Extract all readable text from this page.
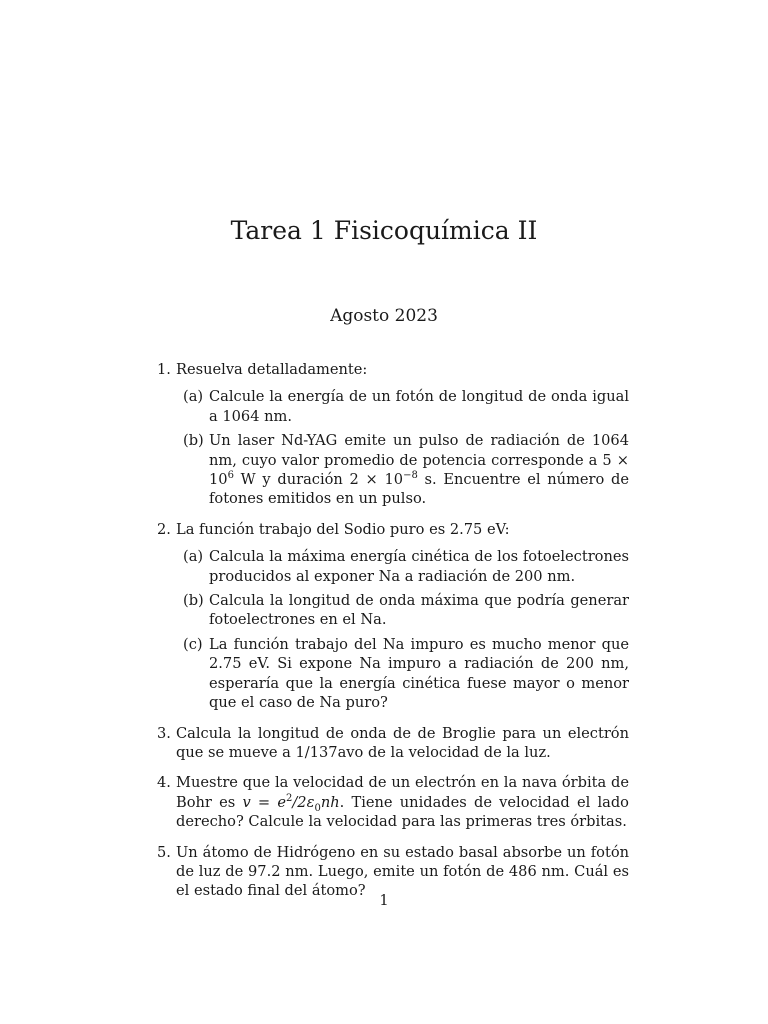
Tarea 1 Fisicoquímica II
Agosto 2023
1. Resuelva detalladamente:
(a) Calcule la energía de un fotón de longitud de onda igual a 1064 nm.
(b) Un laser Nd-YAG emite un pulso de radiación de 1064 nm, cuyo valor promedio de potencia corresponde a $5 \times 10^6$ W y duración $2 \times 10^{-8}$ s. Encuentre el número de fotones emitidos en un pulso.
2. La función trabajo del Sodio puro es 2.75 eV:
(a) Calcula la máxima energía cinética de los fotoelectrones producidos al exponer Na a radiación de 200 nm.
(b) Calcula la longitud de onda máxima que podría generar fotoelectrones en el Na.
(c) La función trabajo del Na impuro es mucho menor que 2.75 eV. Si expone Na impuro a radiación de 200 nm, esperaría que la energía cinética fuese mayor o menor que el caso de Na puro?
3. Calcula la longitud de onda de de Broglie para un electrón que se mueve a 1/137avo de la velocidad de la luz.
4. Muestre que la velocidad de un electrón en la nava órbita de Bohr es $v = e^2/2\varepsilon_0nh$. Tiene unidades de velocidad el lado derecho? Calcule la velocidad para las primeras tres órbitas.
5. Un átomo de Hidrógeno en su estado basal absorbe un fotón de luz de 97.2 nm. Luego, emite un fotón de 486 nm. Cuál es el estado final del átomo?
1
